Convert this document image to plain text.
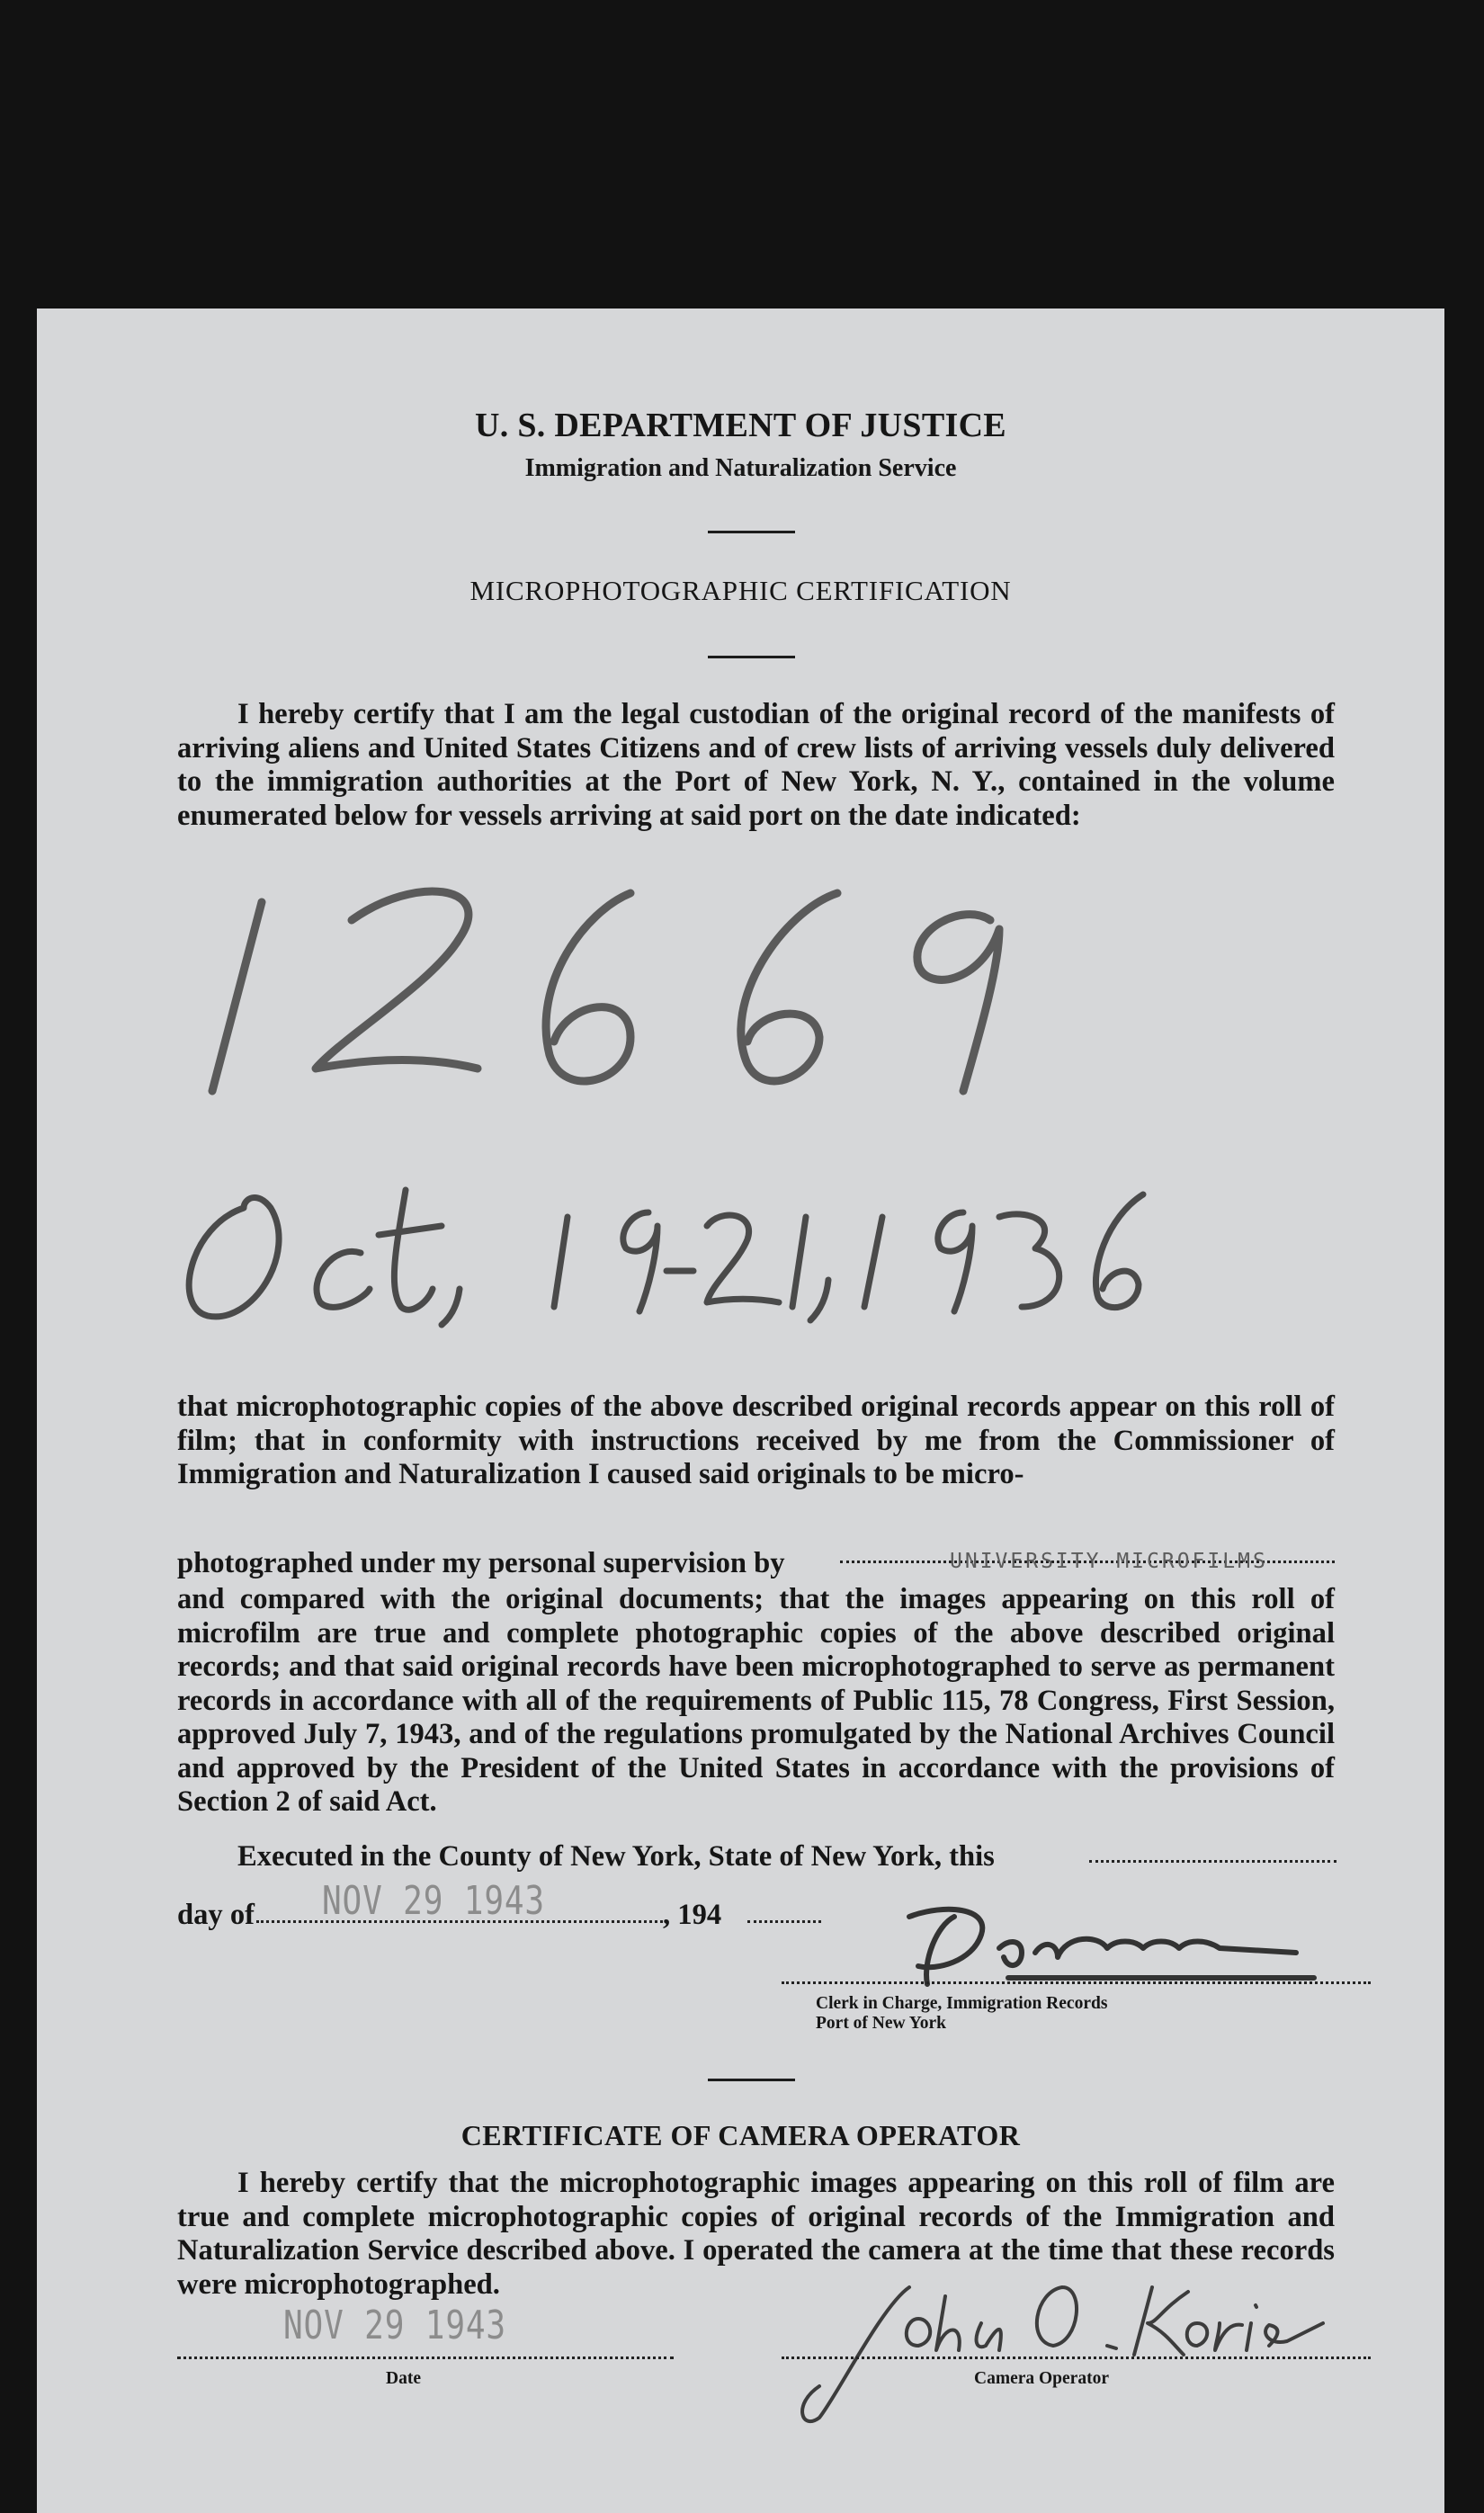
U. S. DEPARTMENT OF JUSTICE
Immigration and Naturalization Service
MICROPHOTOGRAPHIC CERTIFICATION
I hereby certify that I am the legal custodian of the original record of the manifests of arriving aliens and United States Citizens and of crew lists of arriving vessels duly delivered to the immigration authorities at the Port of New York, N. Y., contained in the volume enumerated below for vessels arriving at said port on the date indicated:
that microphotographic copies of the above described original records appear on this roll of film; that in conformity with instructions received by me from the Commissioner of Immigration and Naturalization I caused said originals to be micro-
photographed under my personal supervision by	UNIVERSITY MICROFILMS
and compared with the original documents; that the images appearing on this roll of microfilm are true and complete photographic copies of the above described original records; and that said original records have been microphotographed to serve as permanent records in accordance with all of the requirements of Public 115, 78 Congress, First Session, approved July 7, 1943, and of the regulations promulgated by the National Archives Council and approved by the President of the United States in accordance with the provisions of Section 2 of said Act.
Executed in the County of New York, State of New York, this
day of NOV 29 1943	, 194
Clerk in Charge, Immigration Records
Port of New York
CERTIFICATE OF CAMERA OPERATOR
I hereby certify that the microphotographic images appearing on this roll of film are true and complete microphotographic copies of original records of the Immigration and Naturalization Service described above. I operated the camera at the time that these records were microphotographed.
NOV 29 1943
Date	Camera Operator
